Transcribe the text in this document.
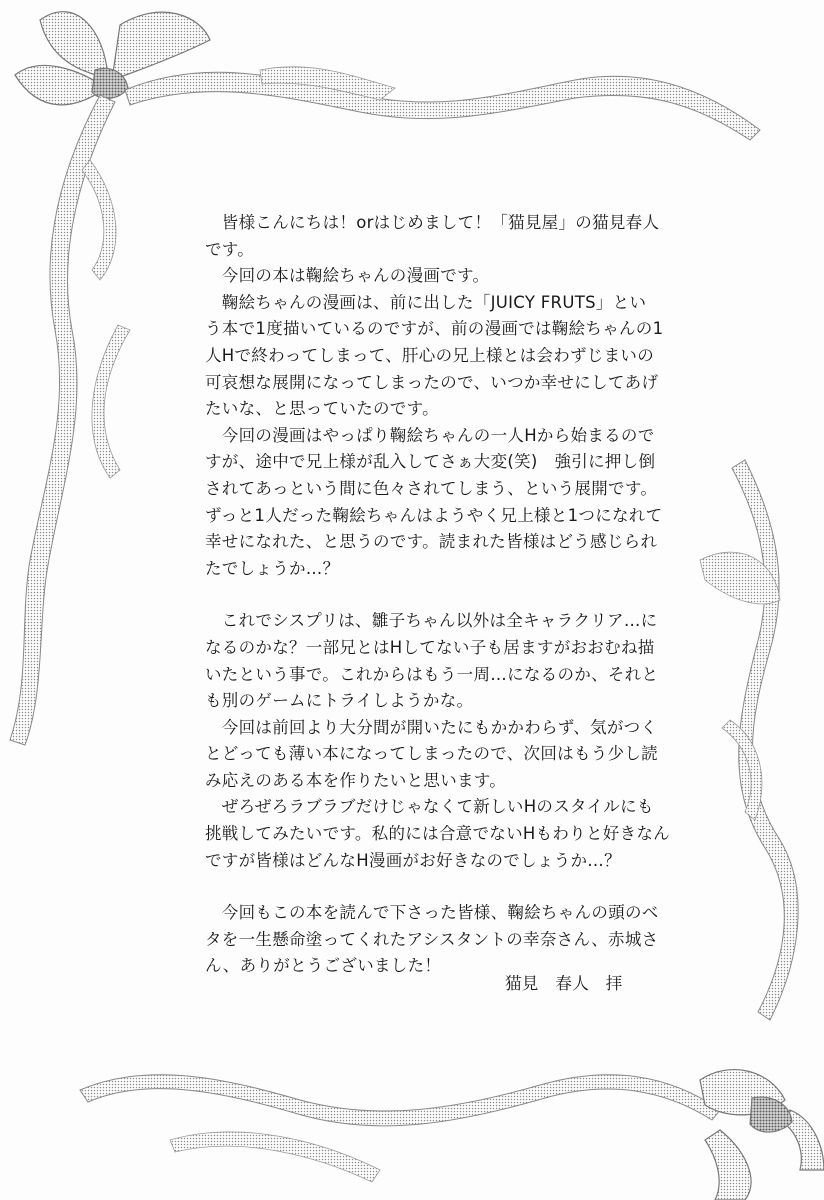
　皆様こんにちは！orはじめまして！「猫見屋」の猫見春人

です。

　今回の本は鞠絵ちゃんの漫画です。

　鞠絵ちゃんの漫画は、前に出した「JUICY FRUTS」とい

う本で1度描いているのですが、前の漫画では鞠絵ちゃんの1

人Hで終わってしまって、肝心の兄上様とは会わずじまいの

可哀想な展開になってしまったので、いつか幸せにしてあげ

たいな、と思っていたのです。

　今回の漫画はやっぱり鞠絵ちゃんの一人Hから始まるので

すが、途中で兄上様が乱入してさぁ大変(笑)　強引に押し倒

されてあっという間に色々されてしまう、という展開です。

ずっと1人だった鞠絵ちゃんはようやく兄上様と1つになれて

幸せになれた、と思うのです。読まれた皆様はどう感じられ

たでしょうか…？

　これでシスプリは、雛子ちゃん以外は全キャラクリア…に

なるのかな？一部兄とはHしてない子も居ますがおおむね描

いたという事で。これからはもう一周…になるのか、それと

も別のゲームにトライしようかな。

　今回は前回より大分間が開いたにもかかわらず、気がつく

とどっても薄い本になってしまったので、次回はもう少し読

み応えのある本を作りたいと思います。

　ぜろぜろラブラブだけじゃなくて新しいHのスタイルにも

挑戦してみたいです。私的には合意でないHもわりと好きなん

ですが皆様はどんなH漫画がお好きなのでしょうか…？

　今回もこの本を読んで下さった皆様、鞠絵ちゃんの頭のベ

タを一生懸命塗ってくれたアシスタントの幸奈さん、赤城さ

ん、ありがとうございました！

猫見　春人　拝
